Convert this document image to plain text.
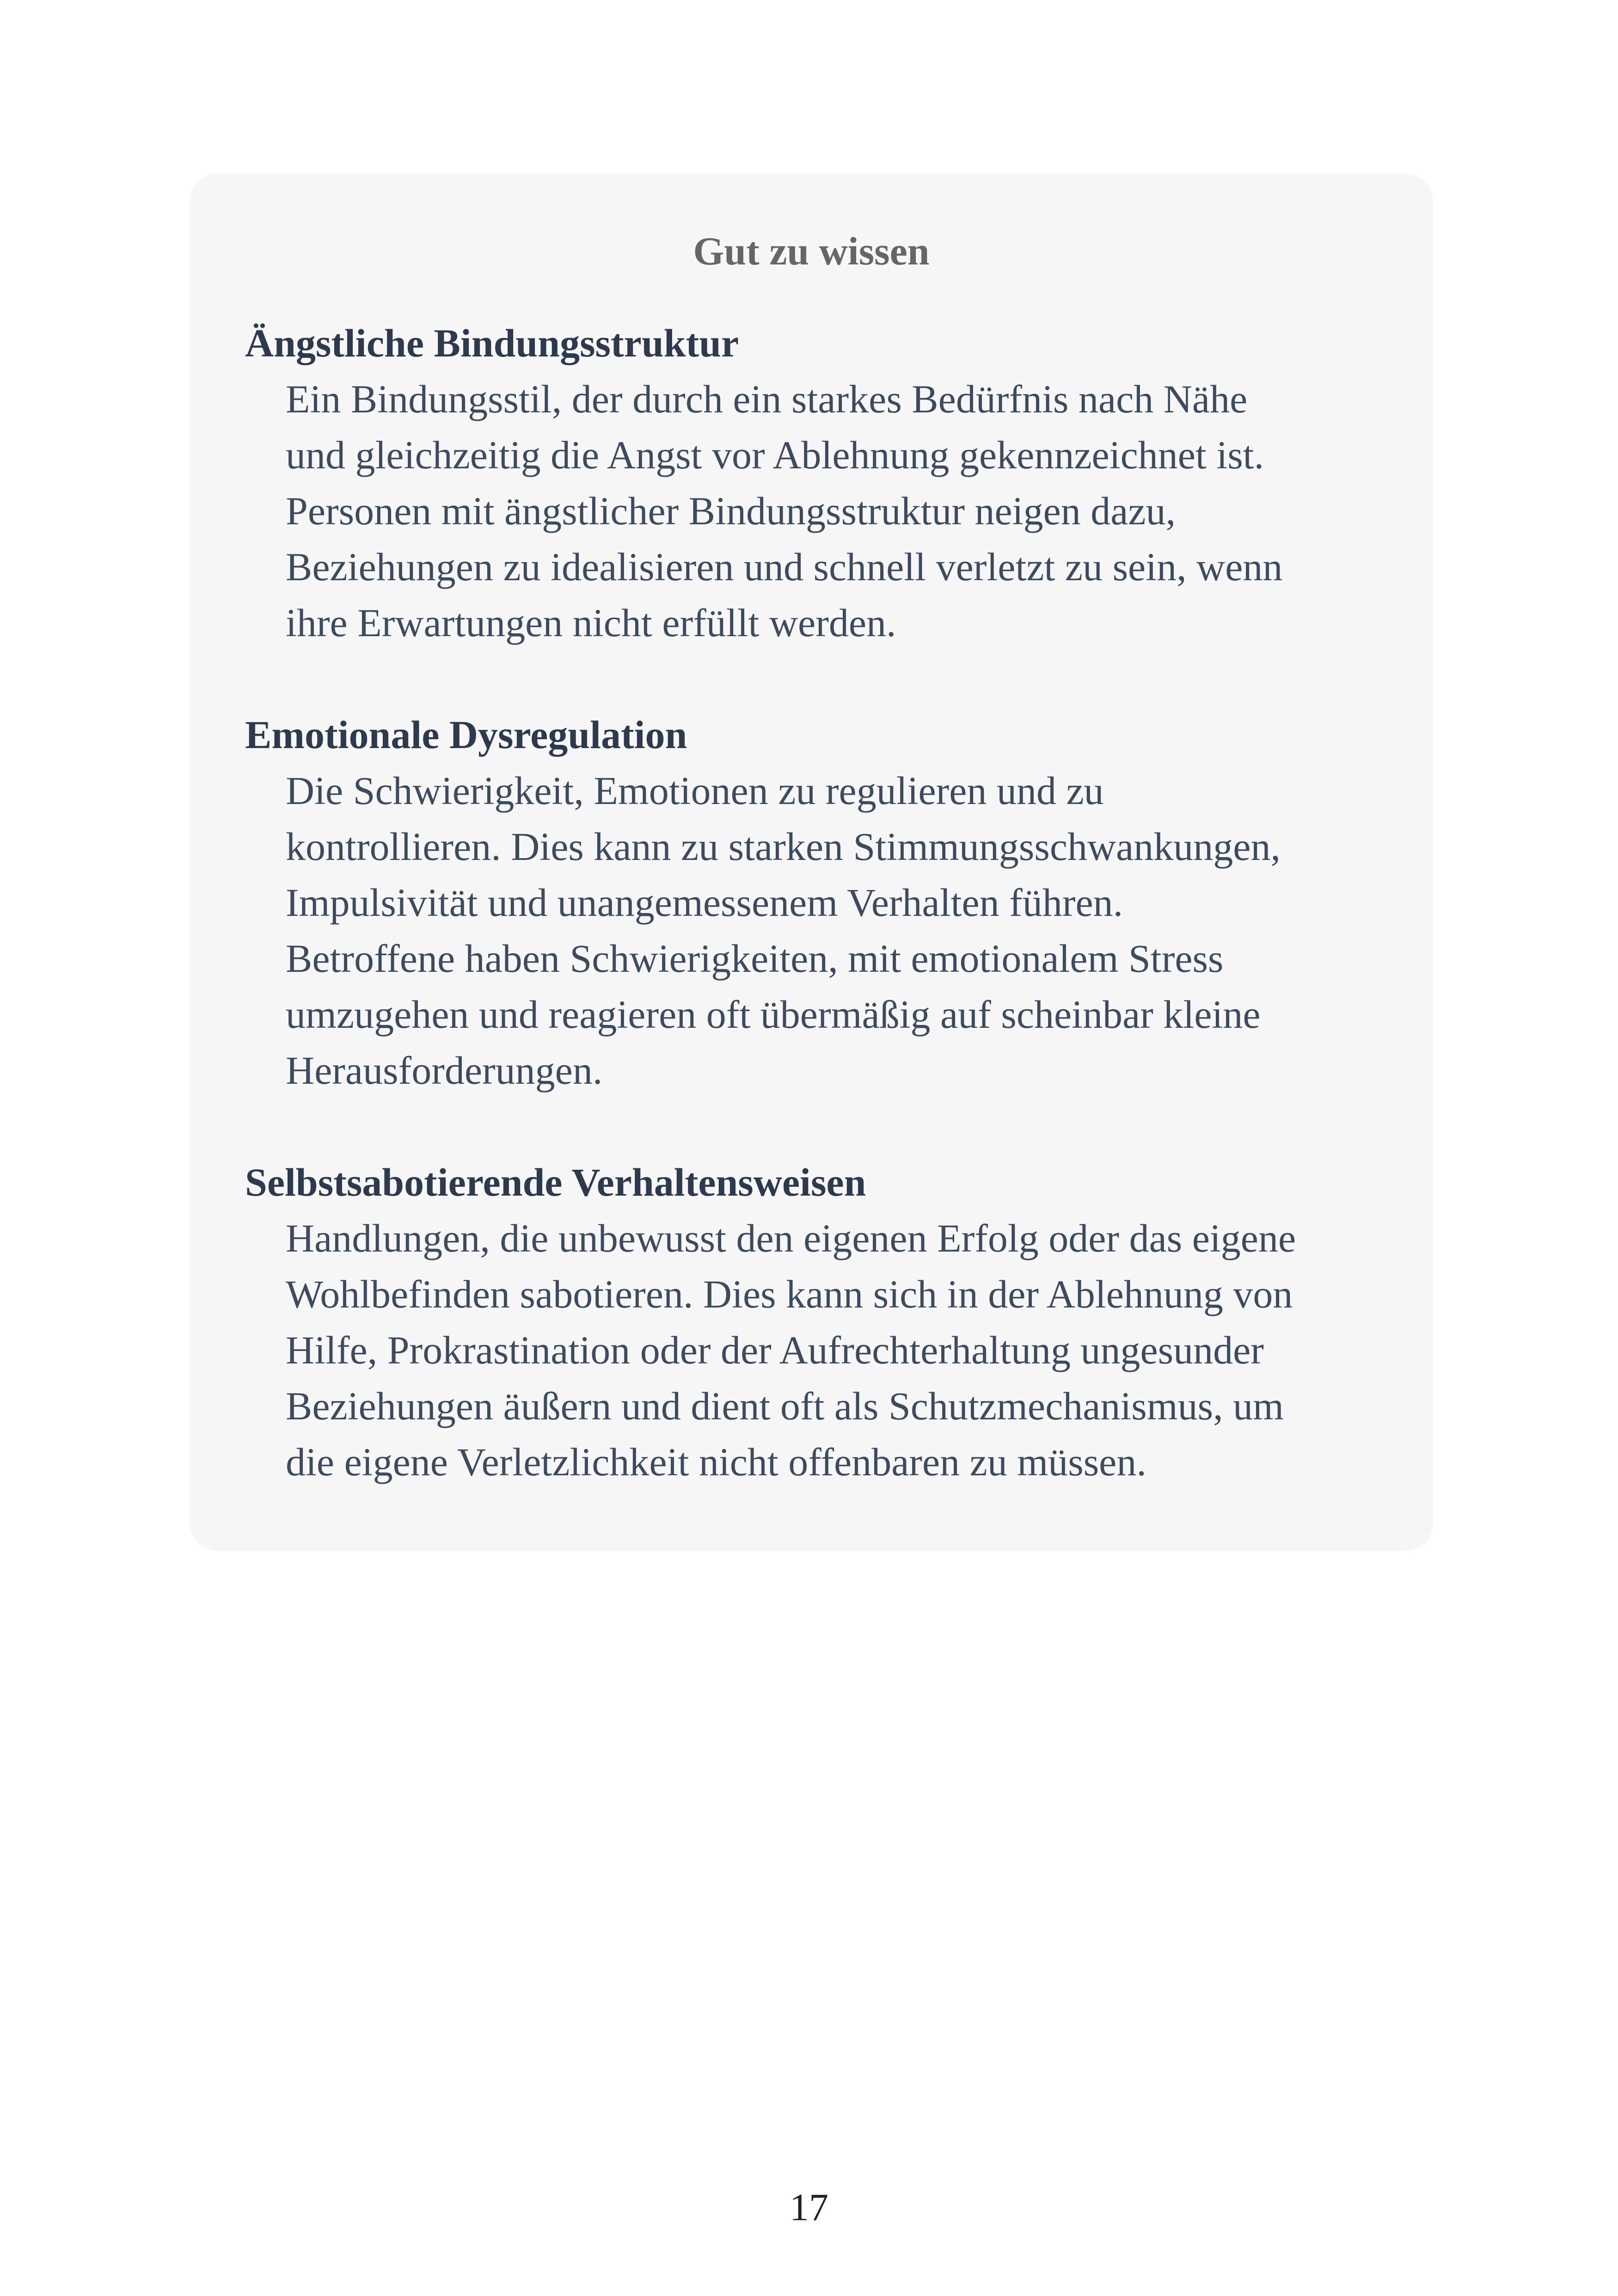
Gut zu wissen
Ängstliche Bindungsstruktur
Ein Bindungsstil, der durch ein starkes Bedürfnis nach Nähe
und gleichzeitig die Angst vor Ablehnung gekennzeichnet ist.
Personen mit ängstlicher Bindungsstruktur neigen dazu,
Beziehungen zu idealisieren und schnell verletzt zu sein, wenn
ihre Erwartungen nicht erfüllt werden.
Emotionale Dysregulation
Die Schwierigkeit, Emotionen zu regulieren und zu
kontrollieren. Dies kann zu starken Stimmungsschwankungen,
Impulsivität und unangemessenem Verhalten führen.
Betroffene haben Schwierigkeiten, mit emotionalem Stress
umzugehen und reagieren oft übermäßig auf scheinbar kleine
Herausforderungen.
Selbstsabotierende Verhaltensweisen
Handlungen, die unbewusst den eigenen Erfolg oder das eigene
Wohlbefinden sabotieren. Dies kann sich in der Ablehnung von
Hilfe, Prokrastination oder der Aufrechterhaltung ungesunder
Beziehungen äußern und dient oft als Schutzmechanismus, um
die eigene Verletzlichkeit nicht offenbaren zu müssen.
17
